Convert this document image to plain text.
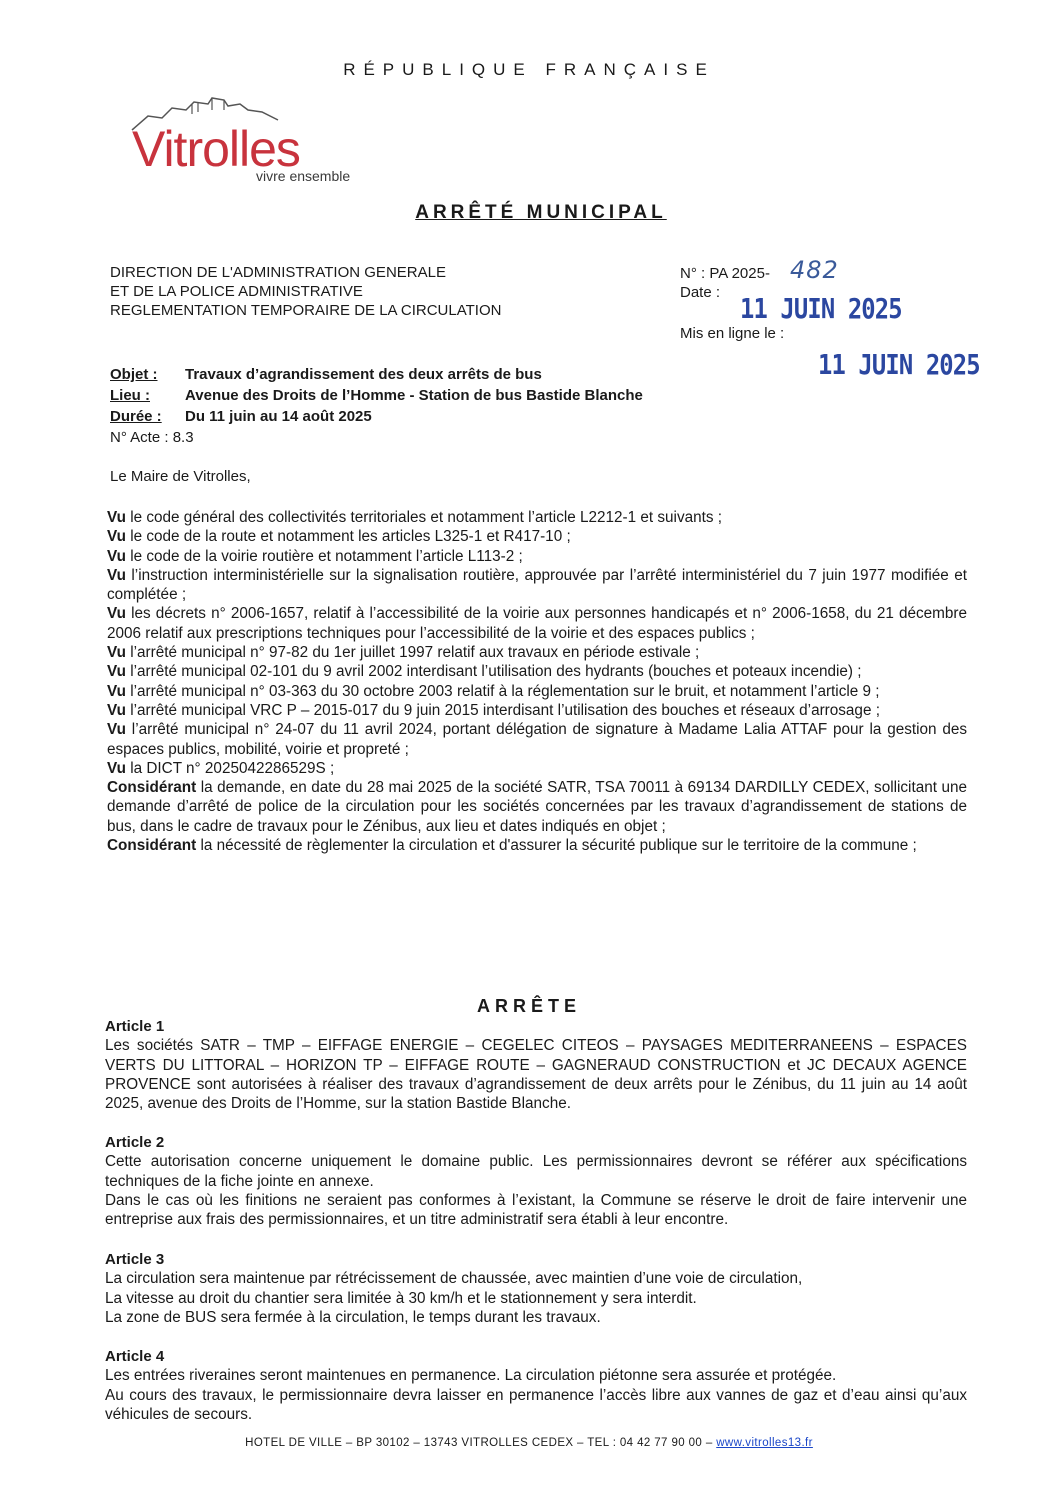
RÉPUBLIQUE FRANÇAISE
Vitrolles
vivre ensemble
ARRÊTÉ MUNICIPAL
DIRECTION DE L'ADMINISTRATION GENERALE
ET DE LA POLICE ADMINISTRATIVE
REGLEMENTATION TEMPORAIRE DE LA CIRCULATION
N° : PA 2025- 482
Date : 11 JUIN 2025
Mis en ligne le :
11 JUIN 2025
Objet :	Travaux d’agrandissement des deux arrêts de bus
Lieu :	Avenue des Droits de l’Homme - Station de bus Bastide Blanche
Durée :	Du 11 juin au 14 août 2025
N° Acte : 8.3
Le Maire de Vitrolles,

Vu le code général des collectivités territoriales et notamment l’article L2212-1 et suivants ;

Vu le code de la route et notamment les articles L325-1 et R417-10 ;

Vu le code de la voirie routière et notamment l’article L113-2 ;

Vu l’instruction interministérielle sur la signalisation routière, approuvée par l’arrêté interministériel du 7 juin 1977 modifiée et complétée ;

Vu les décrets n° 2006-1657, relatif à l’accessibilité de la voirie aux personnes handicapés et n° 2006-1658, du 21 décembre 2006 relatif aux prescriptions techniques pour l’accessibilité de la voirie et des espaces publics ;

Vu l’arrêté municipal n° 97-82 du 1er juillet 1997 relatif aux travaux en période estivale ;

Vu l’arrêté municipal 02-101 du 9 avril 2002 interdisant l’utilisation des hydrants (bouches et poteaux incendie) ;

Vu l’arrêté municipal n° 03-363 du 30 octobre 2003 relatif à la réglementation sur le bruit, et notamment l’article 9 ;

Vu l’arrêté municipal VRC P – 2015-017 du 9 juin 2015 interdisant l’utilisation des bouches et réseaux d’arrosage ;

Vu l’arrêté municipal n° 24-07 du 11 avril 2024, portant délégation de signature à Madame Lalia ATTAF pour la gestion des espaces publics, mobilité, voirie et propreté ;

Vu la DICT n° 2025042286529S ;

Considérant la demande, en date du 28 mai 2025 de la société SATR, TSA 70011 à 69134 DARDILLY CEDEX, sollicitant une demande d’arrêté de police de la circulation pour les sociétés concernées par les travaux d’agrandissement de stations de bus, dans le cadre de travaux pour le Zénibus, aux lieu et dates indiqués en objet ;

Considérant la nécessité de règlementer la circulation et d'assurer la sécurité publique sur le territoire de la commune ;

ARRÊTE
Article 1

Les sociétés SATR – TMP – EIFFAGE ENERGIE – CEGELEC CITEOS – PAYSAGES MEDITERRANEENS – ESPACES VERTS DU LITTORAL – HORIZON TP – EIFFAGE ROUTE – GAGNERAUD CONSTRUCTION et JC DECAUX AGENCE PROVENCE sont autorisées à réaliser des travaux d’agrandissement de deux arrêts pour le Zénibus, du 11 juin au 14 août 2025, avenue des Droits de l’Homme, sur la station Bastide Blanche.

Article 2

Cette autorisation concerne uniquement le domaine public. Les permissionnaires devront se référer aux spécifications techniques de la fiche jointe en annexe.

Dans le cas où les finitions ne seraient pas conformes à l’existant, la Commune se réserve le droit de faire intervenir une entreprise aux frais des permissionnaires, et un titre administratif sera établi à leur encontre.

Article 3

La circulation sera maintenue par rétrécissement de chaussée, avec maintien d’une voie de circulation,

La vitesse au droit du chantier sera limitée à 30 km/h et le stationnement y sera interdit.

La zone de BUS sera fermée à la circulation, le temps durant les travaux.

Article 4

Les entrées riveraines seront maintenues en permanence. La circulation piétonne sera assurée et protégée.

Au cours des travaux, le permissionnaire devra laisser en permanence l’accès libre aux vannes de gaz et d’eau ainsi qu’aux véhicules de secours.

HOTEL DE VILLE – BP 30102 – 13743 VITROLLES CEDEX – TEL : 04 42 77 90 00 – www.vitrolles13.fr
